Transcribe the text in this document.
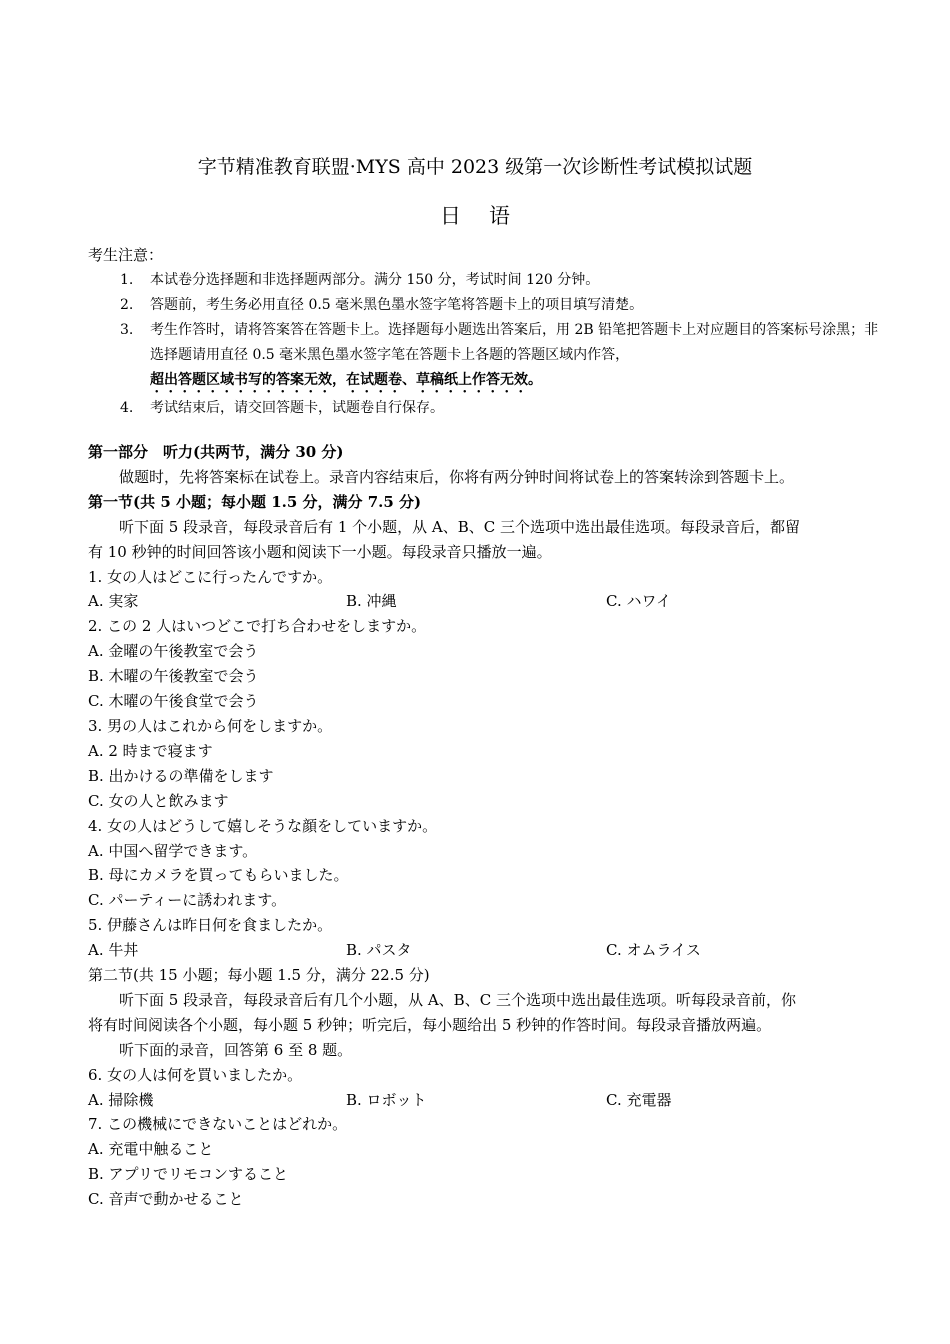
字节精准教育联盟·MYS 高中 2023 级第一次诊断性考试模拟试题
日语
考生注意：
1.	本试卷分选择题和非选择题两部分。满分 150 分，考试时间 120 分钟。
2.	答题前，考生务必用直径 0.5 毫米黑色墨水签字笔将答题卡上的项目填写清楚。
3.	考生作答时，请将答案答在答题卡上。选择题每小题选出答案后，用 2B 铅笔把答题卡上对应题目的答案标号涂黑；非选择题请用直径 0.5 毫米黑色墨水签字笔在答题卡上各题的答题区域内作答，
超出答题区域书写的答案无效，在试题卷、草稿纸上作答无效。
4.	考试结束后，请交回答题卡，试题卷自行保存。
第一部分　听力(共两节，满分 30 分)
做题时，先将答案标在试卷上。录音内容结束后，你将有两分钟时间将试卷上的答案转涂到答题卡上。
第一节(共 5 小题；每小题 1.5 分，满分 7.5 分)
听下面 5 段录音，每段录音后有 1 个小题，从 A、B、C 三个选项中选出最佳选项。每段录音后，都留
有 10 秒钟的时间回答该小题和阅读下一小题。每段录音只播放一遍。
1. 女の人はどこに行ったんですか。
A. 実家	B. 冲縄	C. ハワイ
2. この 2 人はいつどこで打ち合わせをしますか。
A. 金曜の午後教室で会う
B. 木曜の午後教室で会う
C. 木曜の午後食堂で会う
3. 男の人はこれから何をしますか。
A. 2 時まで寝ます
B. 出かけるの準備をします
C. 女の人と飲みます
4. 女の人はどうして嬉しそうな顔をしていますか。
A. 中国へ留学できます。
B. 母にカメラを買ってもらいました。
C. パーティーに誘われます。
5. 伊藤さんは昨日何を食ましたか。
A. 牛丼	B. パスタ	C. オムライス
第二节(共 15 小题；每小题 1.5 分，满分 22.5 分)
听下面 5 段录音，每段录音后有几个小题，从 A、B、C 三个选项中选出最佳选项。听每段录音前，你
将有时间阅读各个小题，每小题 5 秒钟；听完后，每小题给出 5 秒钟的作答时间。每段录音播放两遍。
听下面的录音，回答第 6 至 8 题。
6. 女の人は何を買いましたか。
A. 掃除機	B. ロボット	C. 充電器
7. この機械にできないことはどれか。
A. 充電中触ること
B. アプリでリモコンすること
C. 音声で動かせること
